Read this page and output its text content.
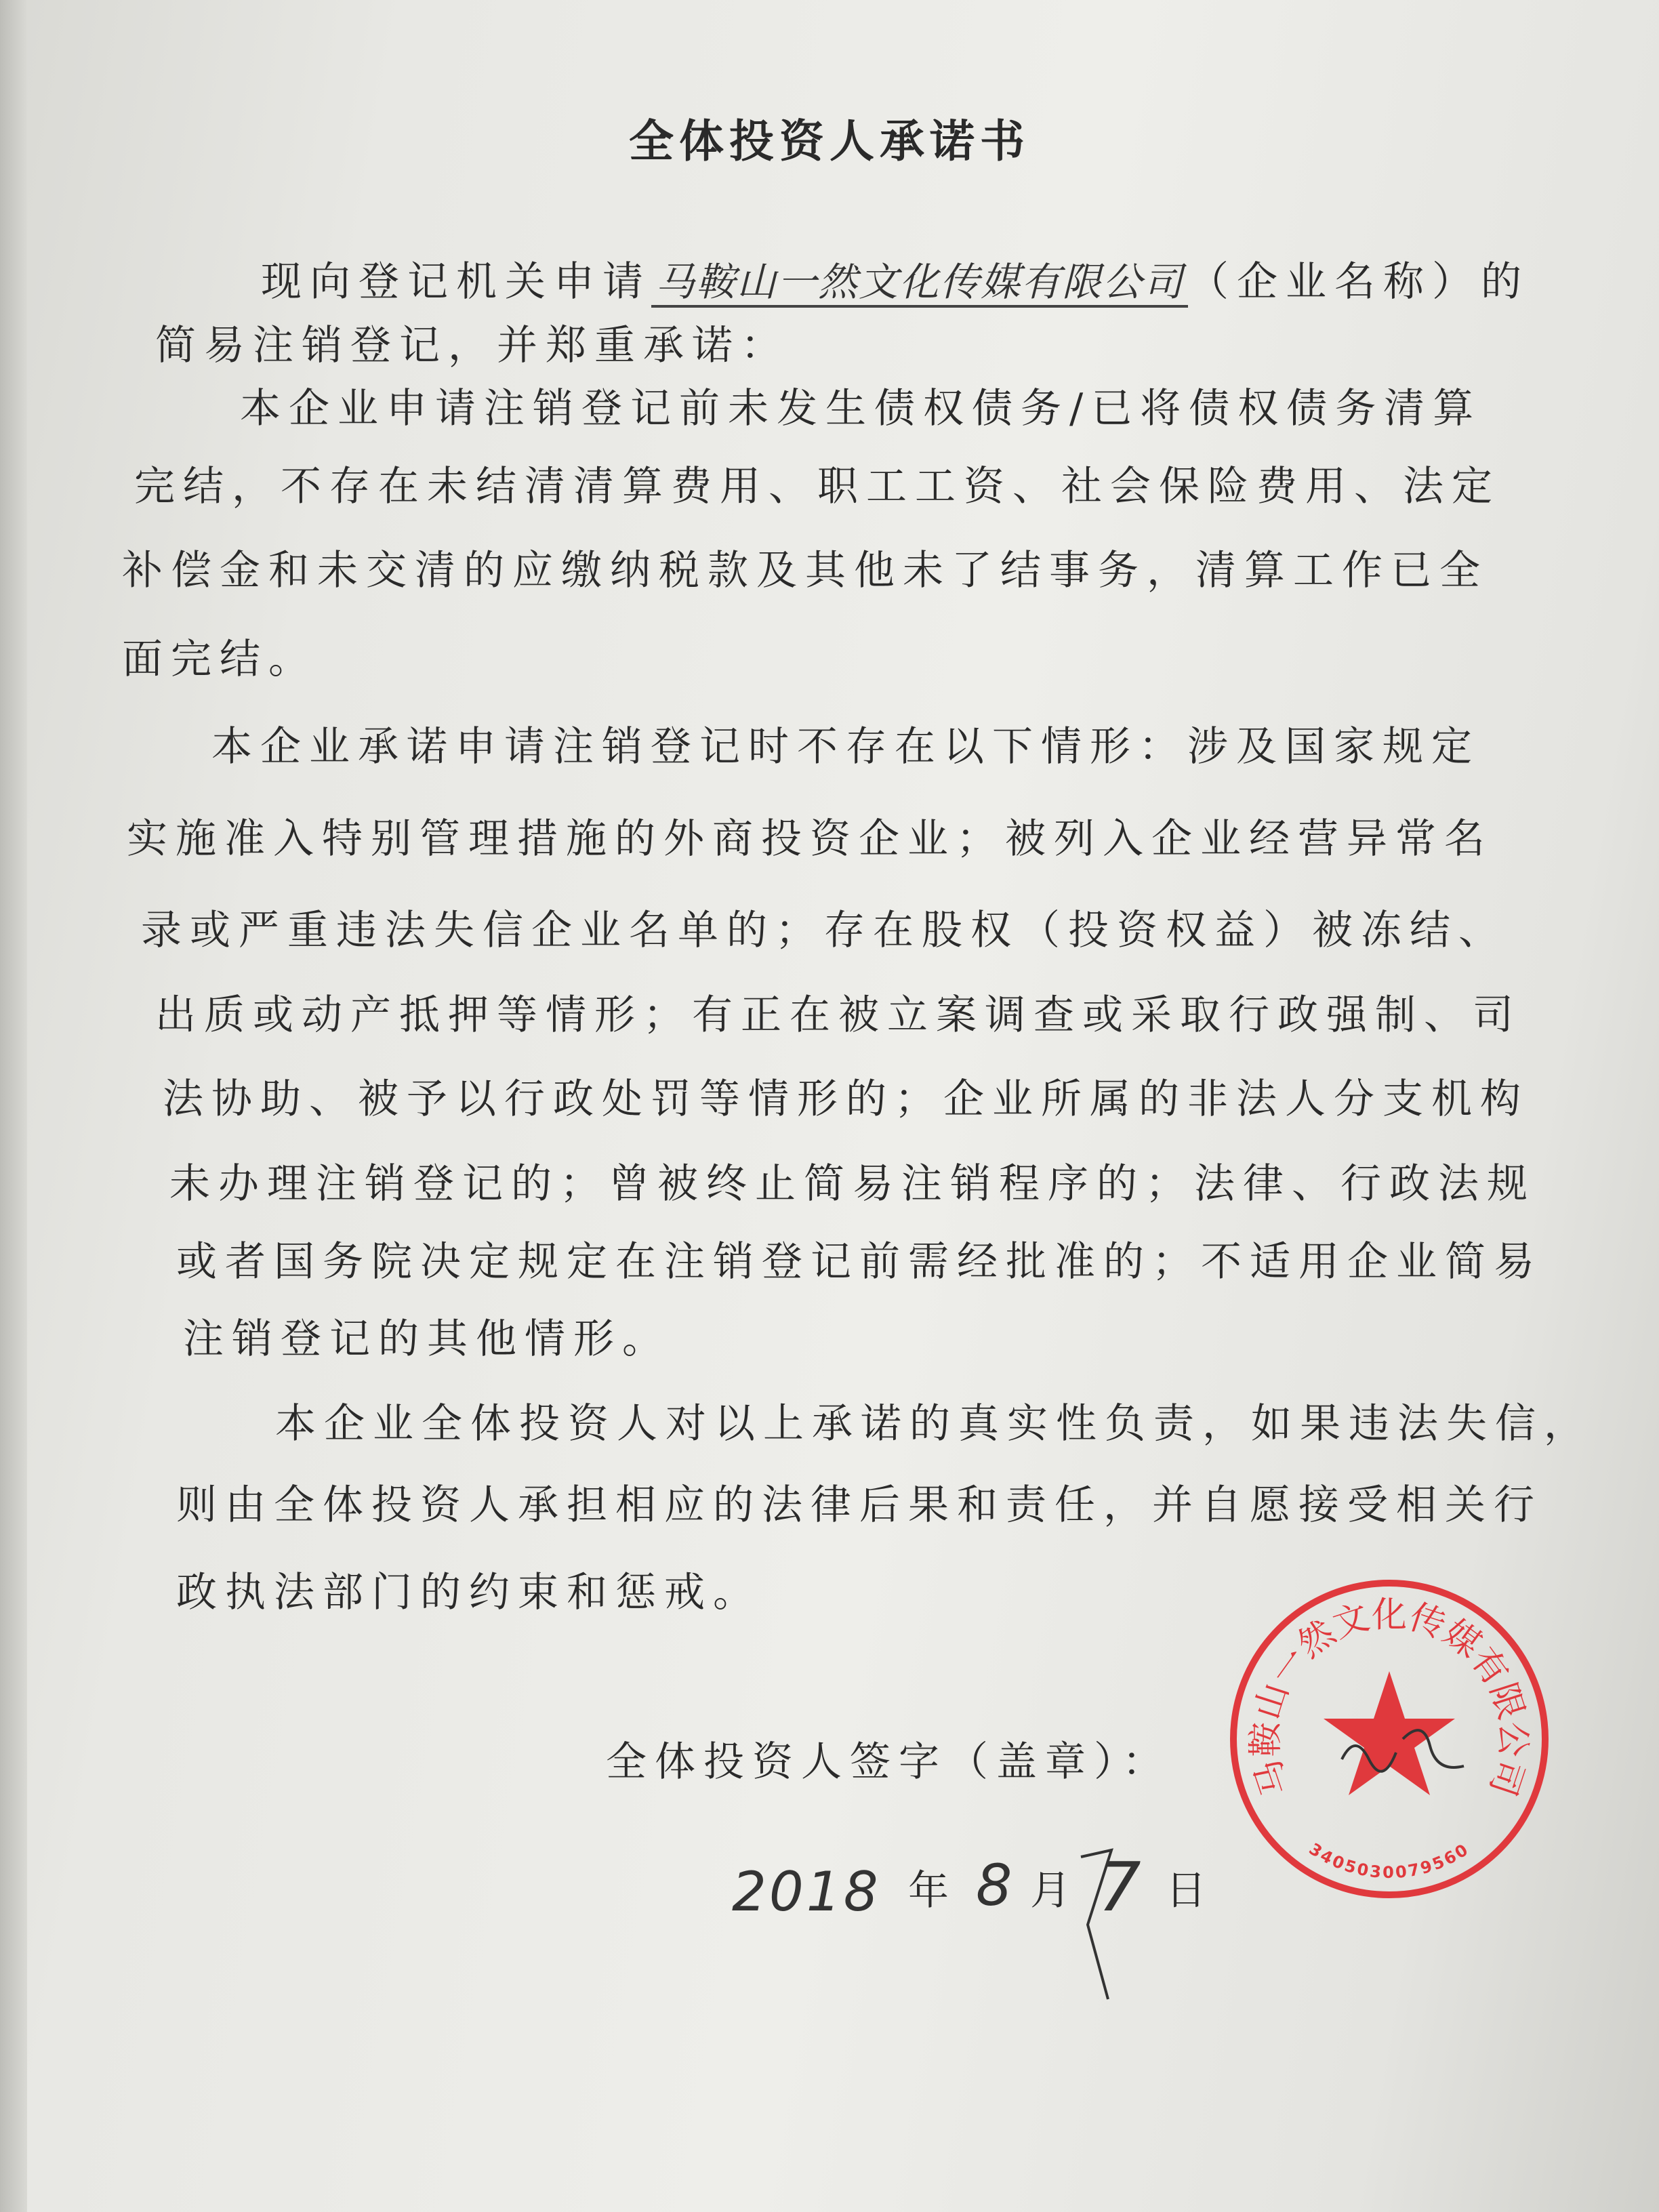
全体投资人承诺书
现向登记机关申请 马鞍山一然文化传媒有限公司 （企业名称）的
简易注销登记，并郑重承诺：
本企业申请注销登记前未发生债权债务/已将债权债务清算
完结，不存在未结清清算费用、职工工资、社会保险费用、法定
补偿金和未交清的应缴纳税款及其他未了结事务，清算工作已全
面完结。
本企业承诺申请注销登记时不存在以下情形：涉及国家规定
实施准入特别管理措施的外商投资企业；被列入企业经营异常名
录或严重违法失信企业名单的；存在股权（投资权益）被冻结、
出质或动产抵押等情形；有正在被立案调查或采取行政强制、司
法协助、被予以行政处罚等情形的；企业所属的非法人分支机构
未办理注销登记的；曾被终止简易注销程序的；法律、行政法规
或者国务院决定规定在注销登记前需经批准的；不适用企业简易
注销登记的其他情形。
本企业全体投资人对以上承诺的真实性负责，如果违法失信，
则由全体投资人承担相应的法律后果和责任，并自愿接受相关行
政执法部门的约束和惩戒。
全体投资人签字（盖章）：
2018 年 8 月 7 日
马鞍山一然文化传媒有限公司
3405030079560
